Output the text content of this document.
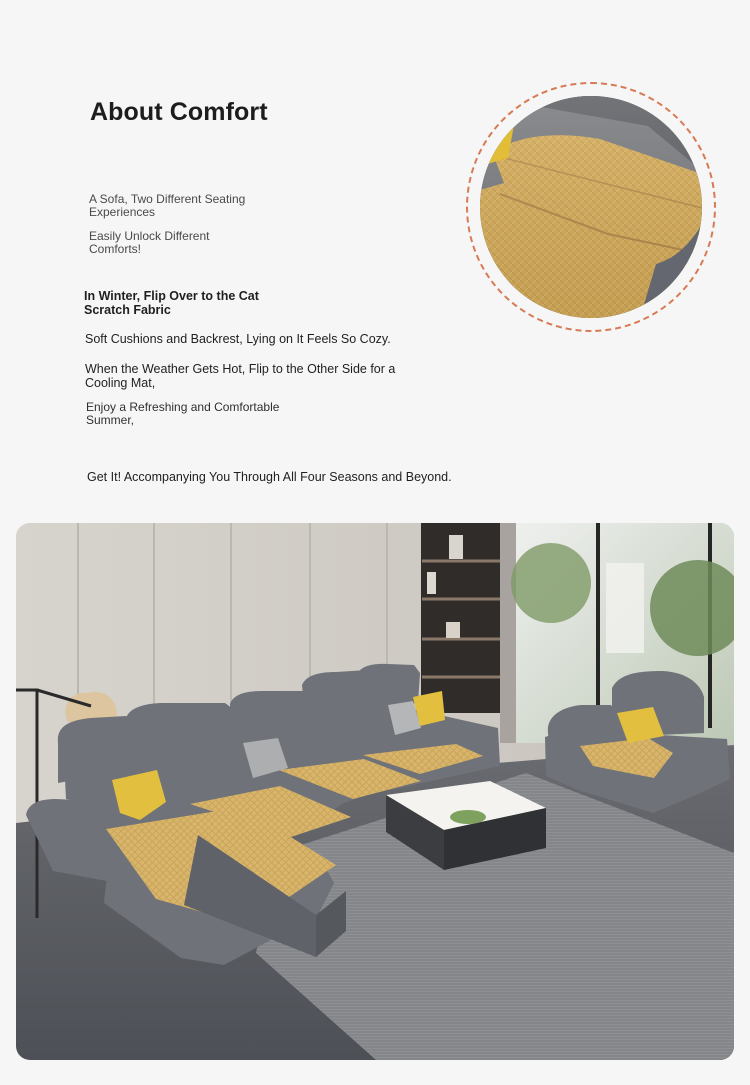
About Comfort

A Sofa, Two Different Seating
Experiences

Easily Unlock Different
Comforts!

In Winter, Flip Over to the Cat
Scratch Fabric

Soft Cushions and Backrest, Lying on It Feels So Cozy.

When the Weather Gets Hot, Flip to the Other Side for a
Cooling Mat,

Enjoy a Refreshing and Comfortable
Summer,

Get It! Accompanying You Through All Four Seasons and Beyond.
